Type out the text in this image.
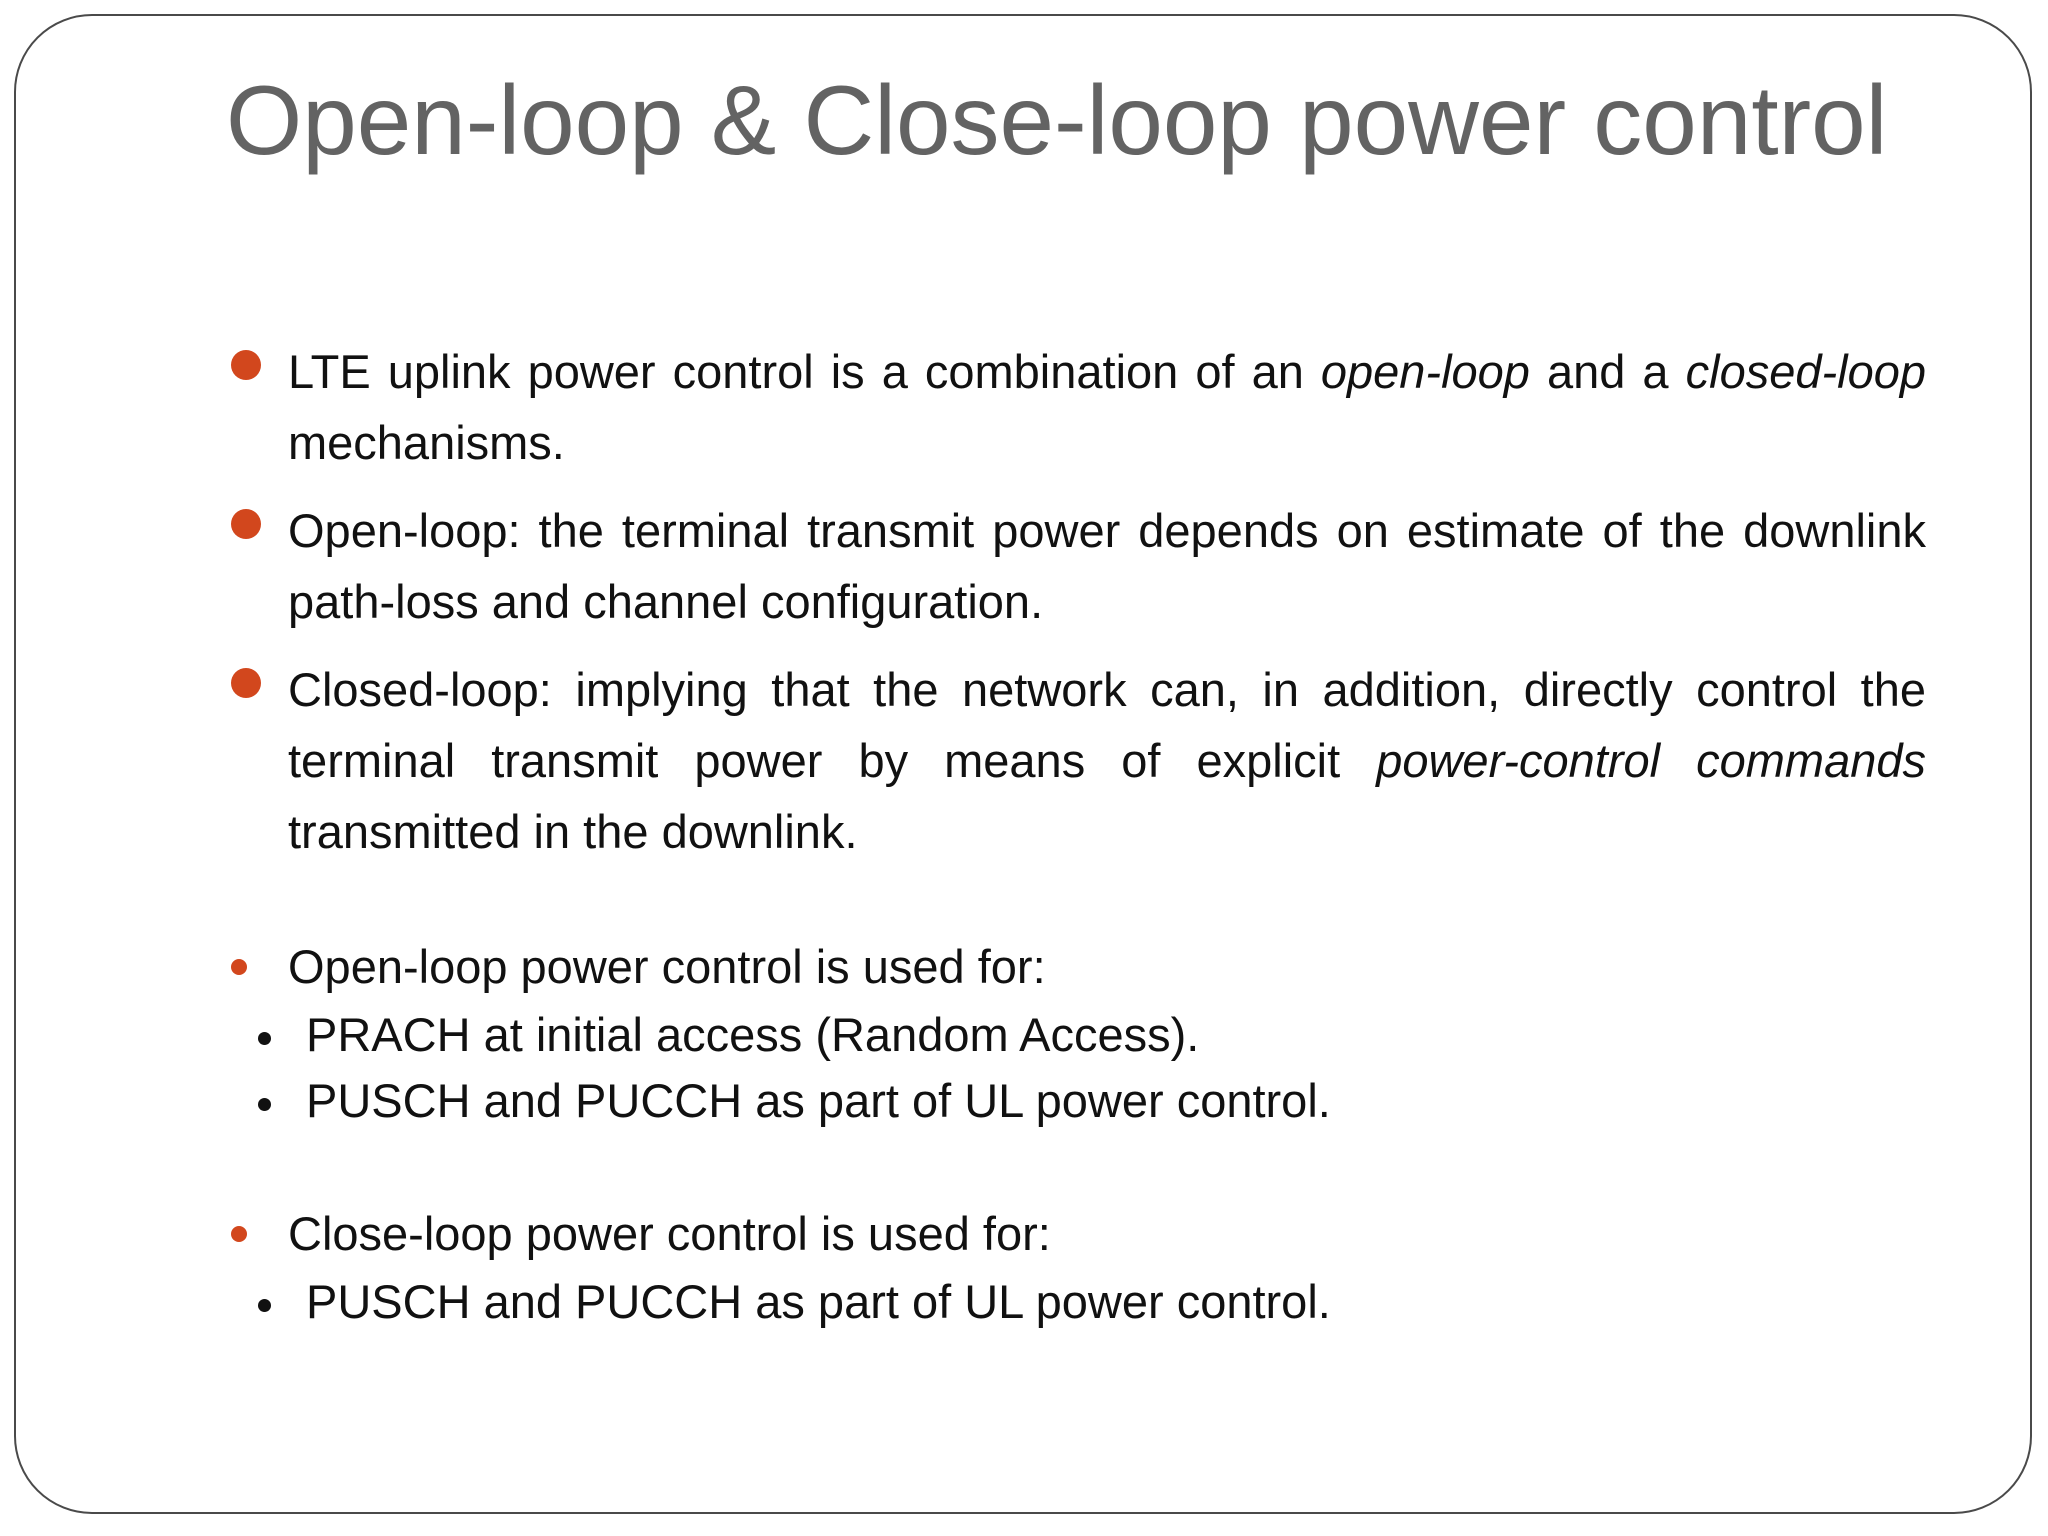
Open-loop & Close-loop power control
LTE uplink power control is a combination of an open-loop and a closed-loop mechanisms.
Open-loop: the terminal transmit power depends on estimate of the downlink path-loss and channel configuration.
Closed-loop: implying that the network can, in addition, directly control the terminal transmit power by means of explicit power-control commands transmitted in the downlink.
Open-loop power control is used for:
PRACH at initial access (Random Access).
PUSCH and PUCCH as part of UL power control.
Close-loop power control is used for:
PUSCH and PUCCH as part of UL power control.
